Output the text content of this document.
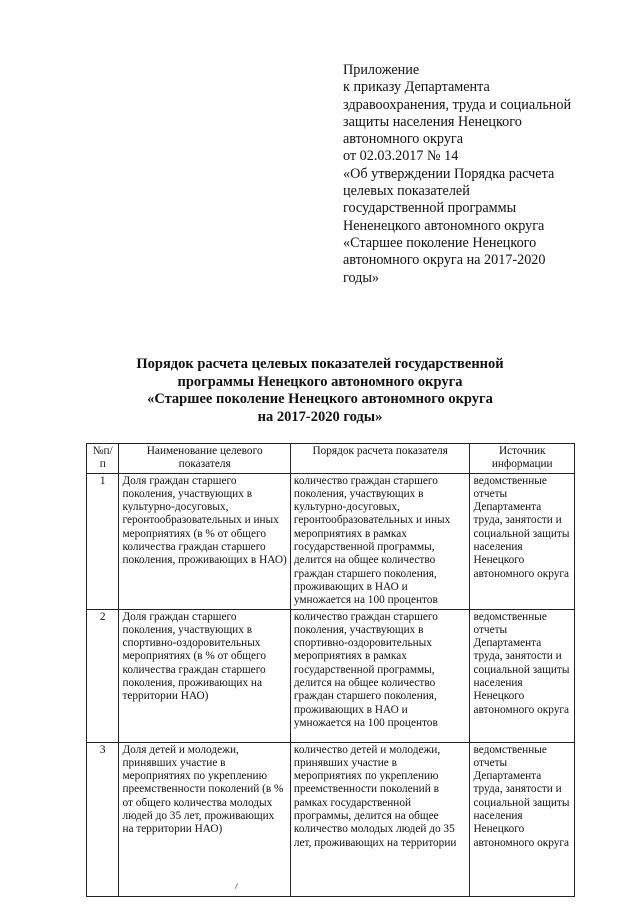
Приложение
к приказу Департамента
здравоохранения, труда и социальной
защиты населения Ненецкого
автономного округа
от 02.03.2017 № 14
«Об утверждении Порядка расчета
целевых показателей
государственной программы
Нененецкого автономного округа
«Старшее поколение Ненецкого
автономного округа на 2017-2020
годы»
Порядок расчета целевых показателей государственной
программы Ненецкого автономного округа
«Старшее поколение Ненецкого автономного округа
на 2017-2020 годы»
№п/п	Наименование целевого показателя	Порядок расчета показателя	Источник информации
1	Доля граждан старшего поколения, участвующих в культурно-досуговых, геронтообразовательных и иных мероприятиях (в % от общего количества граждан старшего поколения, проживающих в НАО)	количество граждан старшего поколения, участвующих в культурно-досуговых, геронтообразовательных и иных мероприятиях в рамках государственной программы, делится на общее количество граждан старшего поколения, проживающих в НАО и умножается на 100 процентов	ведомственные отчеты Департамента труда, занятости и социальной защиты населения Ненецкого автономного округа
2	Доля граждан старшего поколения, участвующих в спортивно-оздоровительных мероприятиях (в % от общего количества граждан старшего поколения, проживающих на территории НАО)	количество граждан старшего поколения, участвующих в спортивно-оздоровительных мероприятиях в рамках государственной программы, делится на общее количество граждан старшего поколения, проживающих в НАО и умножается на 100 процентов	ведомственные отчеты Департамента труда, занятости и социальной защиты населения Ненецкого автономного округа
3	Доля детей и молодежи, принявших участие в мероприятиях по укреплению преемственности поколений (в % от общего количества молодых людей до 35 лет, проживающих на территории НАО)	количество детей и молодежи, принявших участие в мероприятиях по укреплению преемственности поколений в рамках государственной программы, делится на общее количество молодых людей до 35 лет, проживающих на территории	ведомственные отчеты Департамента труда, занятости и социальной защиты населения Ненецкого автономного округа
